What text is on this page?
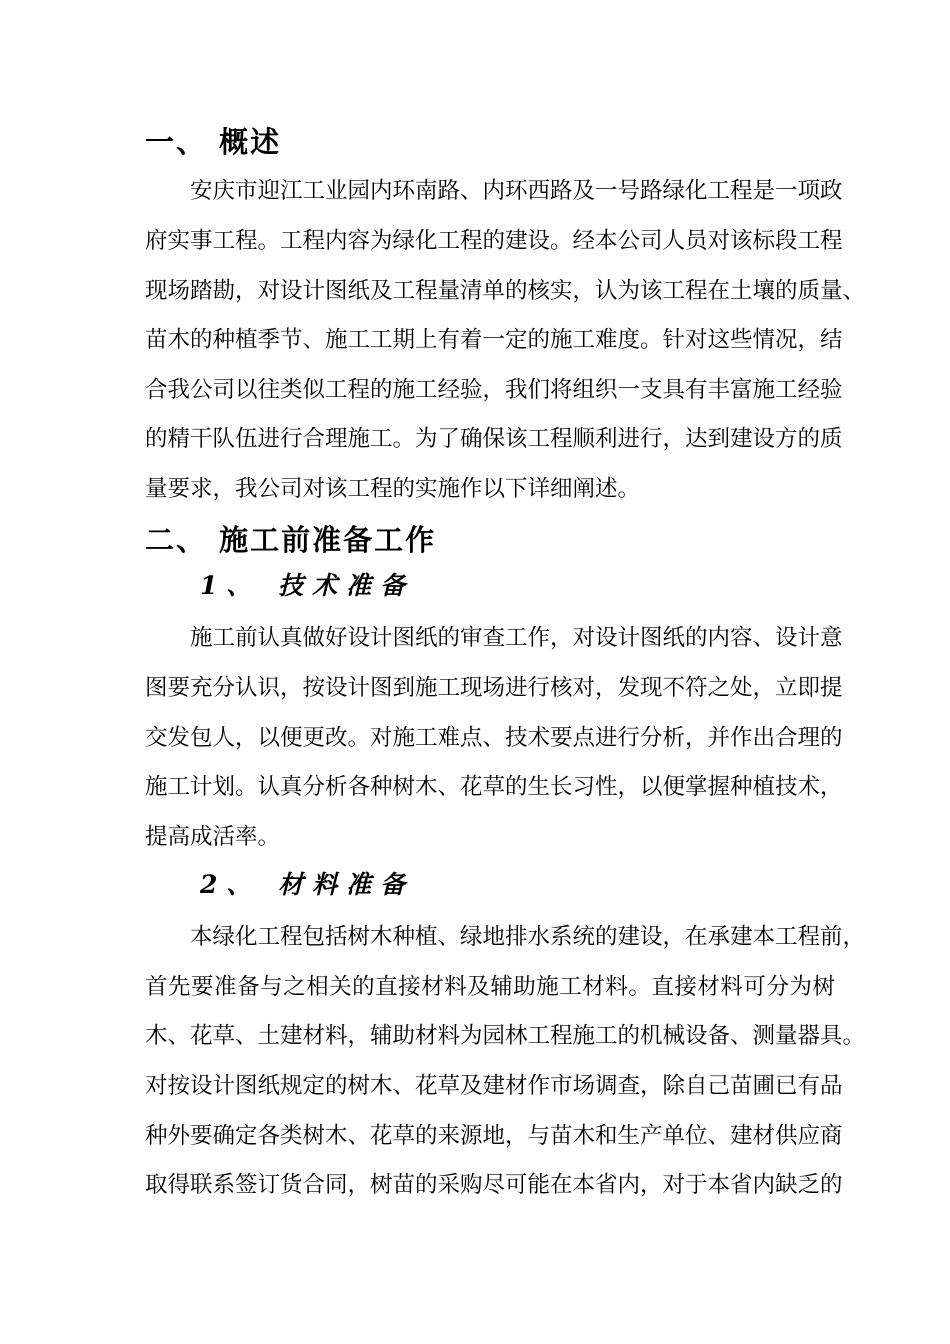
一、 概述
安庆市迎江工业园内环南路、内环西路及一号路绿化工程是一项政
府实事工程。工程内容为绿化工程的建设。经本公司人员对该标段工程
现场踏勘，对设计图纸及工程量清单的核实，认为该工程在土壤的质量、
苗木的种植季节、施工工期上有着一定的施工难度。针对这些情况，结
合我公司以往类似工程的施工经验，我们将组织一支具有丰富施工经验
的精干队伍进行合理施工。为了确保该工程顺利进行，达到建设方的质
量要求，我公司对该工程的实施作以下详细阐述。
二、 施工前准备工作
1、 技术准备
施工前认真做好设计图纸的审查工作，对设计图纸的内容、设计意
图要充分认识，按设计图到施工现场进行核对，发现不符之处，立即提
交发包人，以便更改。对施工难点、技术要点进行分析，并作出合理的
施工计划。认真分析各种树木、花草的生长习性，以便掌握种植技术，
提高成活率。
2、 材料准备
本绿化工程包括树木种植、绿地排水系统的建设，在承建本工程前，
首先要准备与之相关的直接材料及辅助施工材料。直接材料可分为树
木、花草、土建材料，辅助材料为园林工程施工的机械设备、测量器具。
对按设计图纸规定的树木、花草及建材作市场调查，除自己苗圃已有品
种外要确定各类树木、花草的来源地，与苗木和生产单位、建材供应商
取得联系签订货合同，树苗的采购尽可能在本省内，对于本省内缺乏的
